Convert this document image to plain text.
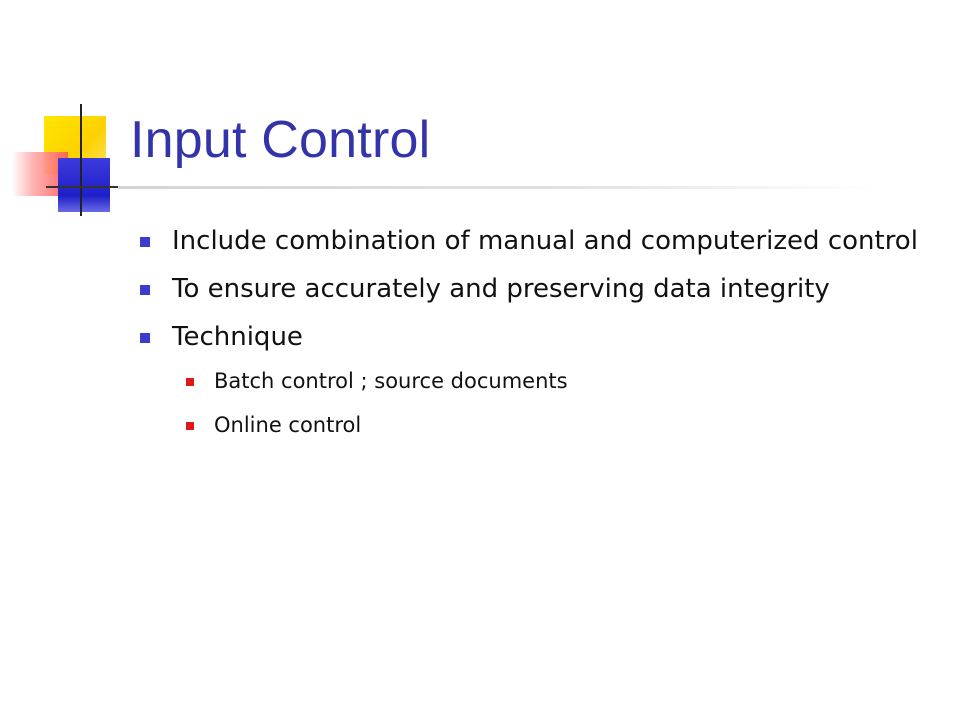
Input Control
Include combination of manual and computerized control
To ensure accurately and preserving data integrity
Technique
Batch control ; source documents
Online control
